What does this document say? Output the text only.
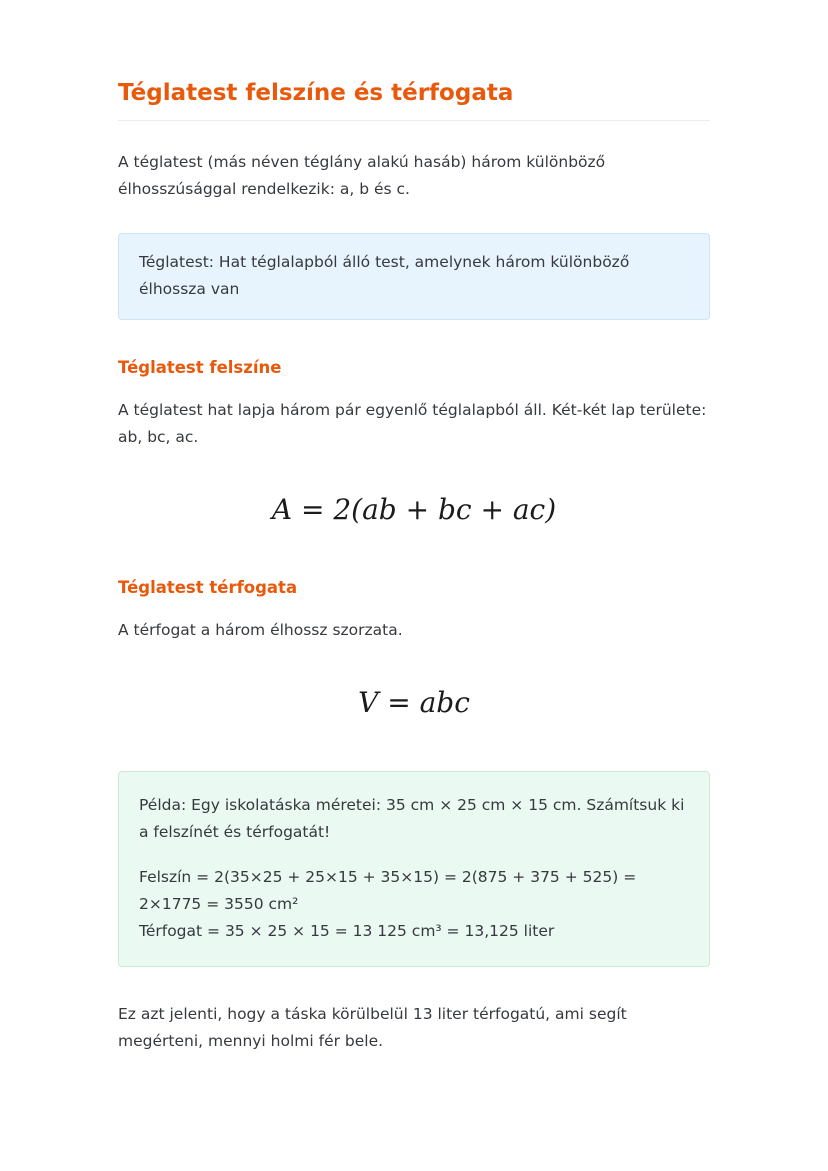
Téglatest felszíne és térfogata

A téglatest (más néven téglány alakú hasáb) három különböző élhosszúsággal rendelkezik: a, b és c.

Téglatest: Hat téglalapból álló test, amelynek három különböző élhossza van
Téglatest felszíne

A téglatest hat lapja három pár egyenlő téglalapból áll. Két-két lap területe: ab, bc, ac.

A = 2(ab + bc + ac)
Téglatest térfogata

A térfogat a három élhossz szorzata.

V = abc

Példa: Egy iskolatáska méretei: 35 cm × 25 cm × 15 cm. Számítsuk ki a felszínét és térfogatát!

Felszín = 2(35×25 + 25×15 + 35×15) = 2(875 + 375 + 525) = 2×1775 = 3550 cm²

Térfogat = 35 × 25 × 15 = 13 125 cm³ = 13,125 liter

Ez azt jelenti, hogy a táska körülbelül 13 liter térfogatú, ami segít megérteni, mennyi holmi fér bele.
